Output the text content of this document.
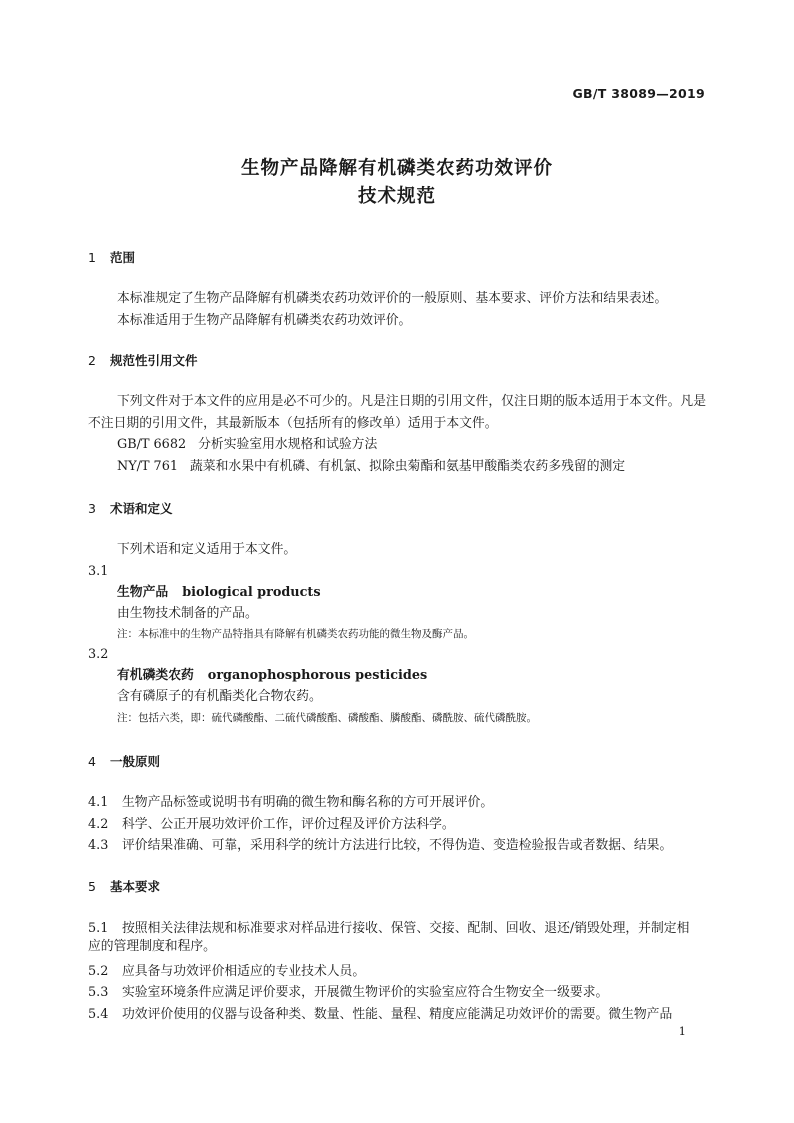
GB/T 38089—2019
生物产品降解有机磷类农药功效评价
技术规范
1 范围
本标准规定了生物产品降解有机磷类农药功效评价的一般原则、基本要求、评价方法和结果表述。
本标准适用于生物产品降解有机磷类农药功效评价。
2 规范性引用文件
下列文件对于本文件的应用是必不可少的。凡是注日期的引用文件，仅注日期的版本适用于本文件。凡是不注日期的引用文件，其最新版本（包括所有的修改单）适用于本文件。
GB/T 6682 分析实验室用水规格和试验方法
NY/T 761 蔬菜和水果中有机磷、有机氯、拟除虫菊酯和氨基甲酸酯类农药多残留的测定
3 术语和定义
下列术语和定义适用于本文件。
3.1
生物产品 biological products
由生物技术制备的产品。
注：本标准中的生物产品特指具有降解有机磷类农药功能的微生物及酶产品。
3.2
有机磷类农药 organophosphorous pesticides
含有磷原子的有机酯类化合物农药。
注：包括六类，即：硫代磷酸酯、二硫代磷酸酯、磷酸酯、膦酸酯、磷酰胺、硫代磷酰胺。
4 一般原则
4.1 生物产品标签或说明书有明确的微生物和酶名称的方可开展评价。
4.2 科学、公正开展功效评价工作，评价过程及评价方法科学。
4.3 评价结果准确、可靠，采用科学的统计方法进行比较，不得伪造、变造检验报告或者数据、结果。
5 基本要求
5.1 按照相关法律法规和标准要求对样品进行接收、保管、交接、配制、回收、退还/销毁处理，并制定相
应的管理制度和程序。
5.2 应具备与功效评价相适应的专业技术人员。
5.3 实验室环境条件应满足评价要求，开展微生物评价的实验室应符合生物安全一级要求。
5.4 功效评价使用的仪器与设备种类、数量、性能、量程、精度应能满足功效评价的需要。微生物产品
1
